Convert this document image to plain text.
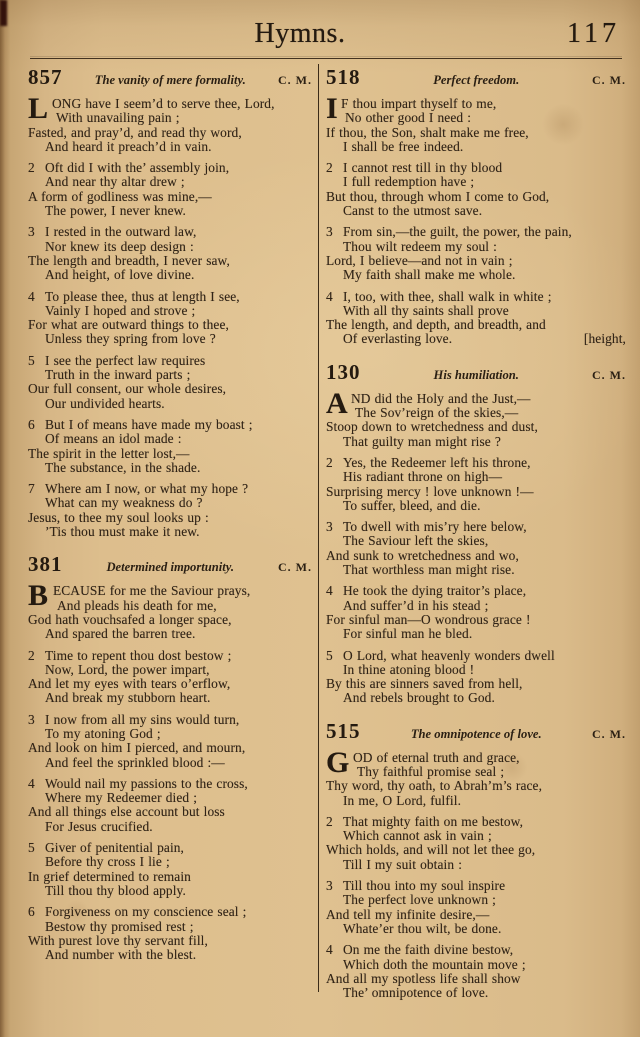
Hymns.	117
857	The vanity of mere formality.	C. M.
L ONG have I seem’d to serve thee, Lord,
With unavailing pain ;
Fasted, and pray’d, and read thy word,
And heard it preach’d in vain.
2 Oft did I with the’ assembly join,
And near thy altar drew ;
A form of godliness was mine,—
The power, I never knew.
3 I rested in the outward law,
Nor knew its deep design :
The length and breadth, I never saw,
And height, of love divine.
4 To please thee, thus at length I see,
Vainly I hoped and strove ;
For what are outward things to thee,
Unless they spring from love ?
5 I see the perfect law requires
Truth in the inward parts ;
Our full consent, our whole desires,
Our undivided hearts.
6 But I of means have made my boast ;
Of means an idol made :
The spirit in the letter lost,—
The substance, in the shade.
7 Where am I now, or what my hope ?
What can my weakness do ?
Jesus, to thee my soul looks up :
’Tis thou must make it new.
381	Determined importunity.	C. M.
B ECAUSE for me the Saviour prays,
And pleads his death for me,
God hath vouchsafed a longer space,
And spared the barren tree.
2 Time to repent thou dost bestow ;
Now, Lord, the power impart,
And let my eyes with tears o’erflow,
And break my stubborn heart.
3 I now from all my sins would turn,
To my atoning God ;
And look on him I pierced, and mourn,
And feel the sprinkled blood :—
4 Would nail my passions to the cross,
Where my Redeemer died ;
And all things else account but loss
For Jesus crucified.
5 Giver of penitential pain,
Before thy cross I lie ;
In grief determined to remain
Till thou thy blood apply.
6 Forgiveness on my conscience seal ;
Bestow thy promised rest ;
With purest love thy servant fill,
And number with the blest.
518	Perfect freedom.	C. M.
I F thou impart thyself to me,
No other good I need :
If thou, the Son, shalt make me free,
I shall be free indeed.
2 I cannot rest till in thy blood
I full redemption have ;
But thou, through whom I come to God,
Canst to the utmost save.
3 From sin,—the guilt, the power, the pain,
Thou wilt redeem my soul :
Lord, I believe—and not in vain ;
My faith shall make me whole.
4 I, too, with thee, shall walk in white ;
With all thy saints shall prove
The length, and depth, and breadth, and
Of everlasting love.	[height,
130	His humiliation.	C. M.
A ND did the Holy and the Just,—
The Sov’reign of the skies,—
Stoop down to wretchedness and dust,
That guilty man might rise ?
2 Yes, the Redeemer left his throne,
His radiant throne on high—
Surprising mercy ! love unknown !—
To suffer, bleed, and die.
3 To dwell with mis’ry here below,
The Saviour left the skies,
And sunk to wretchedness and wo,
That worthless man might rise.
4 He took the dying traitor’s place,
And suffer’d in his stead ;
For sinful man—O wondrous grace !
For sinful man he bled.
5 O Lord, what heavenly wonders dwell
In thine atoning blood !
By this are sinners saved from hell,
And rebels brought to God.
515	The omnipotence of love.	C. M.
G OD of eternal truth and grace,
Thy faithful promise seal ;
Thy word, thy oath, to Abrah’m’s race,
In me, O Lord, fulfil.
2 That mighty faith on me bestow,
Which cannot ask in vain ;
Which holds, and will not let thee go,
Till I my suit obtain :
3 Till thou into my soul inspire
The perfect love unknown ;
And tell my infinite desire,—
Whate’er thou wilt, be done.
4 On me the faith divine bestow,
Which doth the mountain move ;
And all my spotless life shall show
The’ omnipotence of love.
